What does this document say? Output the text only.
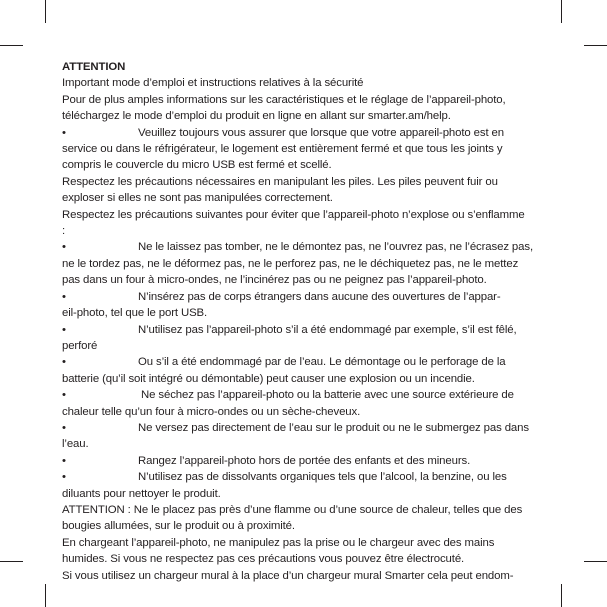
ATTENTION

Important mode d’emploi et instructions relatives à la sécurité

Pour de plus amples informations sur les caractéristiques et le réglage de l’appareil-photo,

téléchargez le mode d’emploi du produit en ligne en allant sur smarter.am/help.

•	Veuillez toujours vous assurer que lorsque que votre appareil-photo est en

service ou dans le réfrigérateur, le logement est entièrement fermé et que tous les joints y

compris le couvercle du micro USB est fermé et scellé.

Respectez les précautions nécessaires en manipulant les piles. Les piles peuvent fuir ou

exploser si elles ne sont pas manipulées correctement.

Respectez les précautions suivantes pour éviter que l’appareil-photo n’explose ou s’enflamme

:

•	Ne le laissez pas tomber, ne le démontez pas, ne l’ouvrez pas, ne l’écrasez pas,

ne le tordez pas, ne le déformez pas, ne le perforez pas, ne le déchiquetez pas, ne le mettez

pas dans un four à micro-ondes, ne l’incinérez pas ou ne peignez pas l’appareil-photo.

•	N’insérez pas de corps étrangers dans aucune des ouvertures de l’appar-

eil-photo, tel que le port USB.

•	N’utilisez pas l’appareil-photo s’il a été endommagé par exemple, s’il est fêlé,

perforé

•	Ou s’il a été endommagé par de l’eau. Le démontage ou le perforage de la

batterie (qu’il soit intégré ou démontable) peut causer une explosion ou un incendie.

•	Ne séchez pas l’appareil-photo ou la batterie avec une source extérieure de

chaleur telle qu’un four à micro-ondes ou un sèche-cheveux.

•	Ne versez pas directement de l’eau sur le produit ou ne le submergez pas dans

l’eau.

•	Rangez l’appareil-photo hors de portée des enfants et des mineurs.

•	N’utilisez pas de dissolvants organiques tels que l’alcool, la benzine, ou les

diluants pour nettoyer le produit.

ATTENTION : Ne le placez pas près d’une flamme ou d’une source de chaleur, telles que des

bougies allumées, sur le produit ou à proximité.

En chargeant l’appareil-photo, ne manipulez pas la prise ou le chargeur avec des mains

humides. Si vous ne respectez pas ces précautions vous pouvez être électrocuté.

Si vous utilisez un chargeur mural à la place d’un chargeur mural Smarter cela peut endom-
